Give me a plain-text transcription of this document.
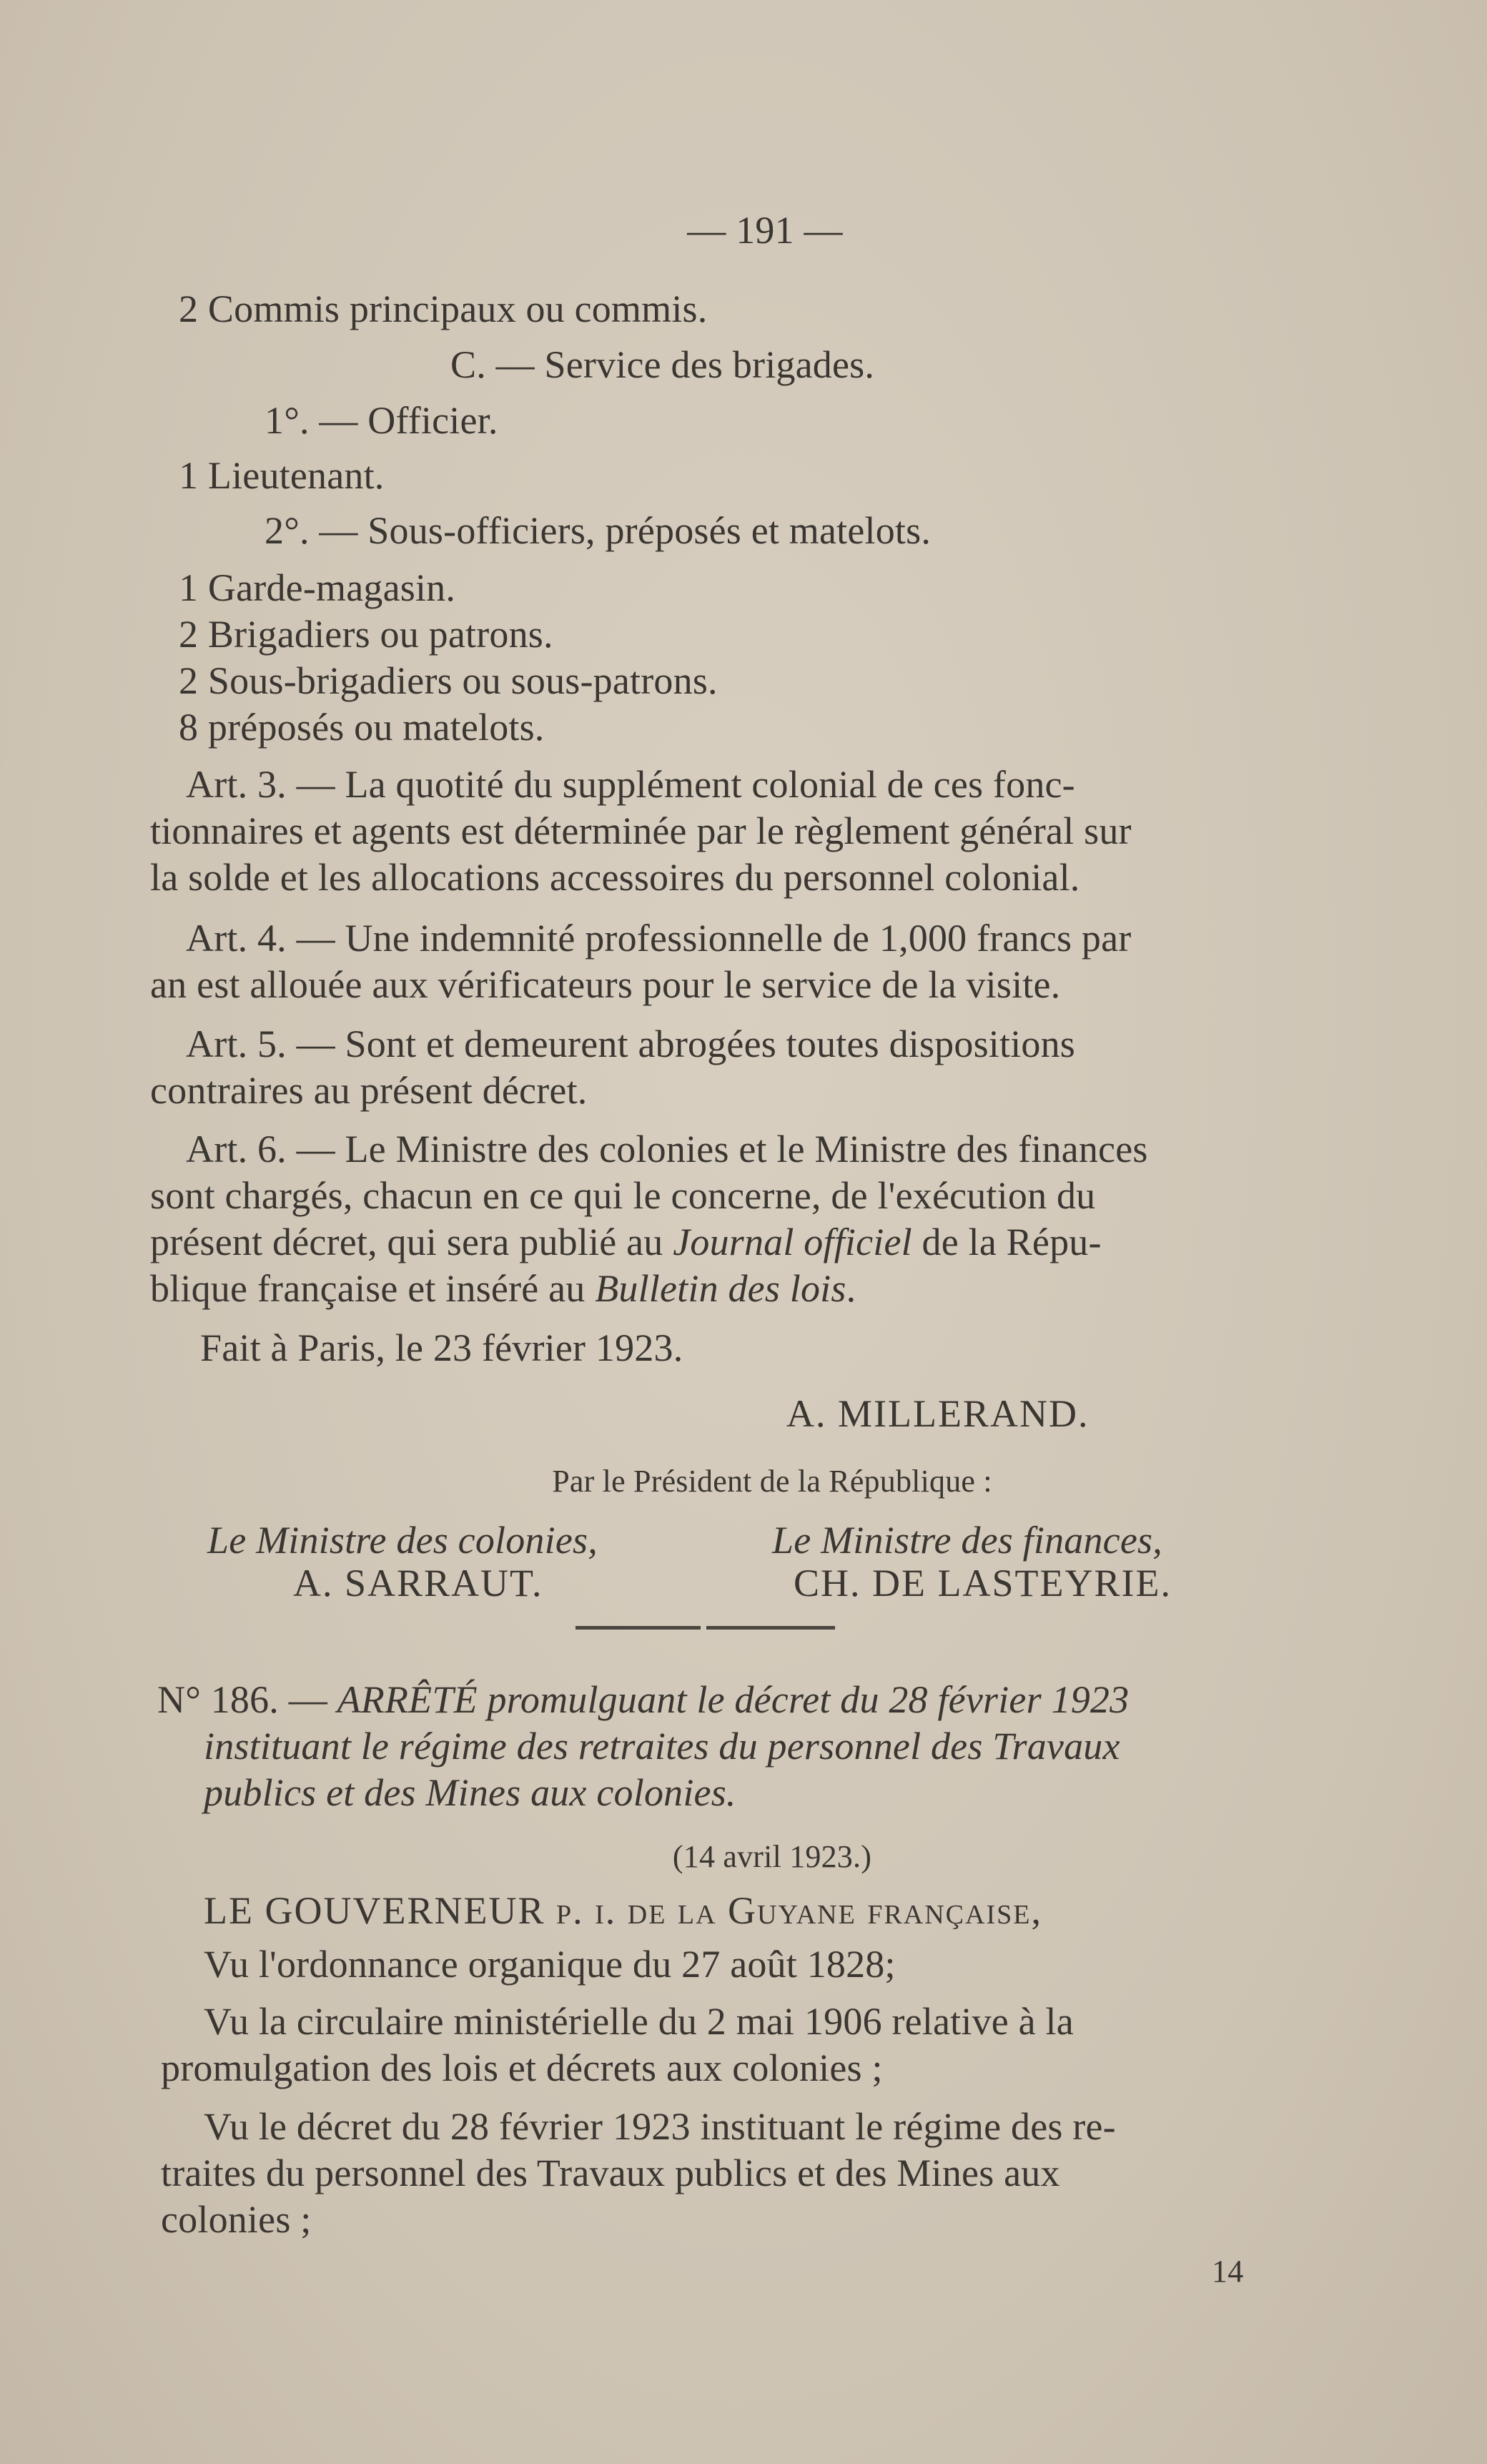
— 191 —
2 Commis principaux ou commis.
C. — Service des brigades.
1°. — Officier.
1 Lieutenant.
2°. — Sous-officiers, préposés et matelots.
1 Garde-magasin.
2 Brigadiers ou patrons.
2 Sous-brigadiers ou sous-patrons.
8 préposés ou matelots.
Art. 3. — La quotité du supplément colonial de ces fonc-
tionnaires et agents est déterminée par le règlement général sur
la solde et les allocations accessoires du personnel colonial.
Art. 4. — Une indemnité professionnelle de 1,000 francs par
an est allouée aux vérificateurs pour le service de la visite.
Art. 5. — Sont et demeurent abrogées toutes dispositions
contraires au présent décret.
Art. 6. — Le Ministre des colonies et le Ministre des finances
sont chargés, chacun en ce qui le concerne, de l'exécution du
présent décret, qui sera publié au Journal officiel de la Répu-
blique française et inséré au Bulletin des lois.
Fait à Paris, le 23 février 1923.
A. MILLERAND.
Par le Président de la République :
Le Ministre des colonies,	Le Ministre des finances,
A. SARRAUT.	CH. DE LASTEYRIE.
N° 186. — ARRÊTÉ promulguant le décret du 28 février 1923
instituant le régime des retraites du personnel des Travaux
publics et des Mines aux colonies.
(14 avril 1923.)
LE GOUVERNEUR p. i. de la Guyane française,
Vu l'ordonnance organique du 27 août 1828;
Vu la circulaire ministérielle du 2 mai 1906 relative à la
promulgation des lois et décrets aux colonies ;
Vu le décret du 28 février 1923 instituant le régime des re-
traites du personnel des Travaux publics et des Mines aux
colonies ;
14
